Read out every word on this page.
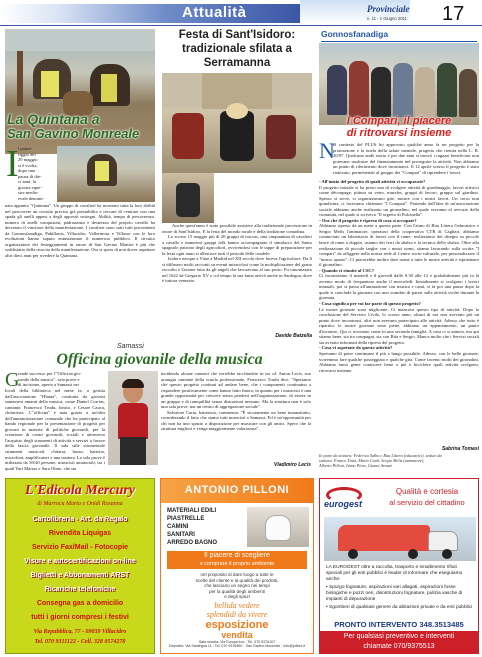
Attualità	Provinciale
n. 11 - 1 Giugno 2011 17
La Quintana a
San Gavino Monreale
I l pome-
riggio del
29 maggio
si è svolta,
dopo una
pausa di die-
ci anni, la
giostra eque-
stre medio-
evale denomi-
nata appunto "Quintana". Un gruppo di cavalieri ha mostrato tutta la loro abilità nel percorrere un circuito preciso già prestabilito e cercare di centrare con una spada gli anelli appesi a degli appositi sostegni. Abilità, tempo di percorrenza, numero di anelli conquistati, padronanza e destrezza del proprio cavallo ha decretato il vincitore della manifestazione. I cavalieri sono stati tutti provenienti da Gonnosfanadiga, Pabillonis, Villacidro, Vallermosa e Villasor con le loro evoluzioni hanno saputo entusiasmare il numeroso pubblico. Il circuito organizzatore dei festeggiamenti in onore di San Gavino Martire è più che soddisfatto della riuscita della manifestazione. Ora si spera di non dover aspettare altri dieci anni per rivedere la Quintana.
Festa di Sant'Isidoro:
tradizionale sfilata a
Serramanna

Anche quest'anno è stato possibile assistere alla tradizionale processione in onore di Sant'Isidoro. E la festa del mondo rurale e della tradizione contadina.

Lo scorso 15 maggio più di 20 gruppi di traccas, una cinquantina di cavalieri a cavallo e numerosi gruppi folk hanno accompagnato il simulacro del Santo spagnolo patrono degli agricoltori, avvicendosi con le tappe di preparazione per la festa ogni anno si allestisce tutti il periodo delle candele.

Isidoro nacque a Vitae a Madrid nel XII secolo dove faceva l'agricoltore. Da lì si diffusero molti racconti su eventi miracolosi come la moltiplicazione del grano raccolto e l'azione fatta da gli angeli che lavoravano al suo posto. Fu canonizzato nel 1622 da Gregorio XV e col tempo la sua fama arrivò anche in Sardegna, dove è tuttora venerato.

Davide Batzella
Gonnosfanadiga
I Compari, il piacere
di ritrovarsi insieme
N

el contesto del PLUS ho approvato qualche anno fa un progetto per la promozione e la tutela della salute mentale, progetto che rientra nella L. R. 20/97. Qualcuno andò storto e per due anni si mescò i ragazzi beneficiari non potevano usufruire del finanziamento nel proseguire la attività. Non abbiamo un punto di riferimento dove incontrarci. Il 12 aprile scorso il progetto è stato riattivato, permettendo al gruppo dei "Compari" di riprendere i lavori.

- All'inizio del progetto di quali attività vi occupavate?

Il progetto iniziale si ha preso una di svolgere attività di giardinaggio, lavori artistici come découpage, pittura su vetro, murales, gruppi di lavoro, gruppo sul giardino. Spesso si serve, si organizzavano gite, mostre con i nostri lavori. Un corso non quindicina, ci facevamo chiamare "I Compari". Partendo dall'idea di un'associazione sociale abbiamo anche realizzato un giornalino, nel quale eravamo al servizio della comunità, nel quale si scriveva "Il segreto di Pulcinella".

- Ora che il progetto è ripreso di cosa si occupate?

Abbiamo ripreso da un mese a questa parte. Con l'aiuto di Rita Littera l'educatrice e Sergio Melis l'animatore, operatori della cooperativa CTR di Cagliari, abbiamo cominciato un laboratorio di lavori con il rame: realizziamo dei disegni su piccole lastre di rame a doppio, usiamo dei ferri da sbalzo e la tecnica dello sbalzo. Oltre alla realizzazione di piccole targhe con i nostri nomi, stiamo lavorando sulla scritta "I compari" da affiggere nella nostra sede al Centro socio-culturale, per personalizzare il "nostro spazio". Ci piacerebbe inoltre dare nome a tutte le nostre attività e ripristinare il giornalino.

- Quando vi riunite al CSC?

Ci incontriamo il martedì e il giovedì dalle 9.30 alle 12 e probabilmente più in là avremo modo di frequentare anche il mercoledì. Inizialmente si svolgono i lavori manuali, poi si passa all'animazione con musica e canti, si fa poi una pausa dopo la quale si conclude la giornata con uno scambio di pareri sulle attività svolte durante la giornata.

- Cosa significa per voi far parte di questo progetto?

Le nostre giornate sono migliorate. Ci mancava questo tipo di attività. Dopo la conclusione del Servizio Civile, lo scorso anno, alcuni di noi non avevano più un punto dove incontrarsi, altri non avevano partecipato alle attività. Adesso che tutto è ripartito, le nostre giornate sono piene, abbiamo un appuntamento, un punto d'incontro. Qui ci troviamo come in una seconda famiglia. A casa ci si annoia, ma qui stiamo bene, sia tra compagni, sia con Rita e Sergio. Manca molto che i Servizi sociali sia avviato informati della ripresa del progetto.

- Cosa vi aspettate da questo attività?

Speriamo di poter continuare il più a lungo possibile. Adesso, con le belle giornate, vorremmo fare qualche passeggiata e qualche gita. Come facemo molti dei giornalini. Abbiamo tanta gente conoscere bene a piè e biciclette quali attività svolgono, ritrovarsi insieme.

Sabrina Tomasi
In parte da sinistra: Federica Salho e Rita Littera (educatrici), sedute da
sinistra: Franco Tittia, Mario Cauli, Sergio Melis (animatore),
Alberto Pilloni, Ivano Piras, Gianni Avanzi.
Samassi
Officina giovanile della musica
G
rande successo per l'"Officina gio-
vanile della musica", sala prove e
di incisione, aperta a Samassi nei
locali della biblioteca nel mese fa, a gestita dall'associazione "Hlanta", costituita da giovani samassesi amanti della musica, come Daniel Corrias, cantante, Francesco Trudu, fonico, e Cesare Cauca, chitarrista. L'"officina" è nata grazie a un'idea dell'amministrazione comunale che ha partecipato al bando regionale per la presentazione di progetti per giovani in materia di politiche giovanili, per la creazione di centri giovanili, sociali e attraverso l'acquisto degli strumenti di attività e servizi a favore della fascia giovanile. Il sala stile strumentale strumenti musicali, chitarra, basso, batteria, microfoni, amplificatori e una tastiera. La sala prove è utilizzata da 30/40 persone, musicisti amatoriali, tra i quali Yuri Marras e Sara Olmo, che sta

incidendo alcune canzoni che vorrebbe racchiudere in un cd. Anton Lecis, suo arrangia cantante della scuola professionale, Francesco Trudu dice: "Speriamo che questo progetto continui ad andare bene, che i componenti continuino a rispondere positivamente come hanno fatto finora, in quanto per i musicisti è una grande opportunità per crescere senza perdersi nell'organizzazione, di essere in un gruppo e di tranquillità senza distrazioni nessuno. Ma la struttura non è solo una sala prove, ma un centro di aggregazione sociale".

Salvatore Carta, batterista, commenta: "È sicuramente un bene innanzitutto, considerando il fatto che siamo tutti musicisti a Samassi. Ed è un'opportunità per chi non ha uno spazio a disposizione per musicare con gli amici. Spero che la struttura migliori e venga maggiormente valorizzata".

Vladimiro Lecis
L'Edicola Mercury
di Marrocu Marta e Onidi Rosanna
Cartolibreria - Art. da Regalo
Rivendita Liquigas
Servizio Fax/Mail - Fotocopie
Visure e autocertificazioni on-line
Biglietti e Abbonamenti ARST
Ricariche telefoniche
Consegna gas a domicilio
tutti i giorni compresi i festivi
Via Repubblica, 77 - 09039 Villacidro
Tel. 070 9311122 - Cell. 328 0574278
ANTONIO PILLONI
MATERIALI EDILI
PIASTRELLE
CAMINI
SANITARI
ARREDO BAGNO
Il piacere di scegliere
e comprare il proprio ambiente
nel proposito di dare luogo a tutte le
scelte del cliente e la qualità dei prodotti,
che lasciano un segno nei tempi
per la qualità degli ambienti
e degli spazi
bellida vedere
splendidi da vivere
esposizione
vendita
Sala mostra: Via Europa snc - Tel. 070 9376107
Deposito: Via Sardegna 11 - Tel. 070 9376480 · San Gavino Monreale · info@pilloni.it
eurogest
Qualità e cortesia
al servizio del cittadino
LA EUROGEST oltre a raccolta, trasporto e smaltimento rifiuti speciali per gli enti pubblici è leader di informare che eseguiamo anche:
• Spurgo fognature, aspirazioni vari allagati, aspirazioni fosse biologiche e pozzi neri, disostruzioni fognature, pulizia vasche di impianti di depurazione
• Sgomberi di qualsiasi genere da abitazioni private e da enti pubblici
PRONTO INTERVENTO 348.3513485
Per qualsiasi preventivo e interventi
chiamate 070/9375513
